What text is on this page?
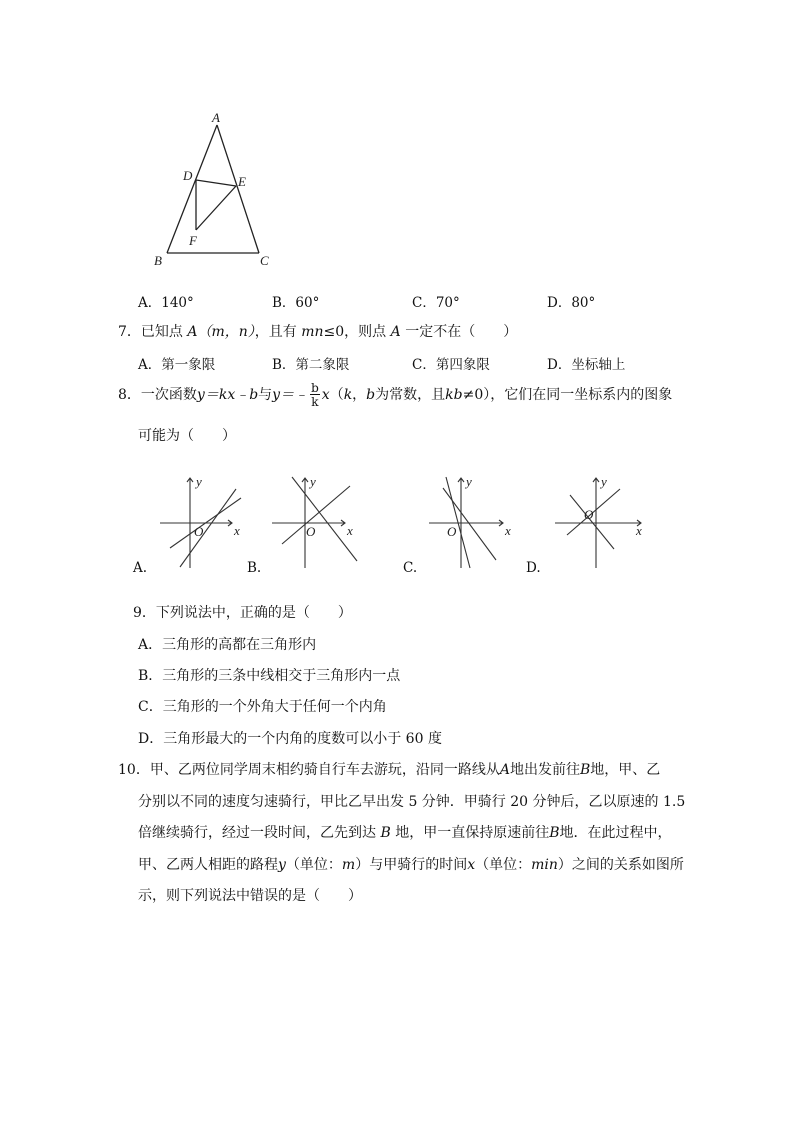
A
B	C
D	E
F
A．140°	B．60°	C．70°	D．80°
7．已知点 A（m，n），且有 mn≤0，则点 A 一定不在（　　）
A．第一象限	B．第二象限	C．第四象限	D．坐标轴上
8．一次函数y＝kx﹣b与y＝﹣ $\frac{b}{k} x(k$，b为常数，且kb≠0），它们在同一坐标系内的图象
可能为（　　）
x
y
O
A.
x
y
O
B.
x
y
O
C.
x
y
O
D.
9．下列说法中，正确的是（　　）
A．三角形的高都在三角形内
B．三角形的三条中线相交于三角形内一点
C．三角形的一个外角大于任何一个内角
D．三角形最大的一个内角的度数可以小于 60 度
10．甲、乙两位同学周末相约骑自行车去游玩，沿同一路线从A地出发前往B地，甲、乙
分别以不同的速度匀速骑行，甲比乙早出发 5 分钟．甲骑行 20 分钟后，乙以原速的 1.5
倍继续骑行，经过一段时间，乙先到达 B 地，甲一直保持原速前往B地．在此过程中，
甲、乙两人相距的路程y（单位：m）与甲骑行的时间x（单位：min）之间的关系如图所
示，则下列说法中错误的是（　　）
